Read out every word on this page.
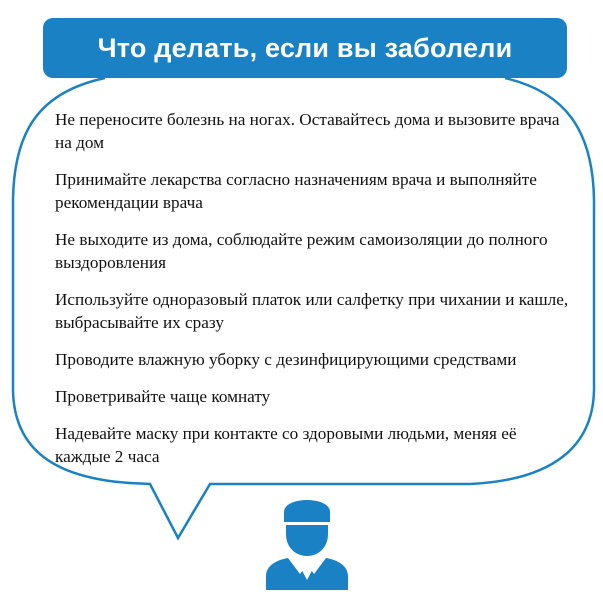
Что делать, если вы заболели
Не переносите болезнь на ногах. Оставайтесь дома и вызовите врача на дом
Принимайте лекарства согласно назначениям врача и выполняйте рекомендации врача
Не выходите из дома, соблюдайте режим самоизоляции до полного выздоровления
Используйте одноразовый платок или салфетку при чихании и кашле, выбрасывайте их сразу
Проводите влажную уборку с дезинфицирующими средствами
Проветривайте чаще комнату
Надевайте маску при контакте со здоровыми людьми, меняя её каждые 2 часа
